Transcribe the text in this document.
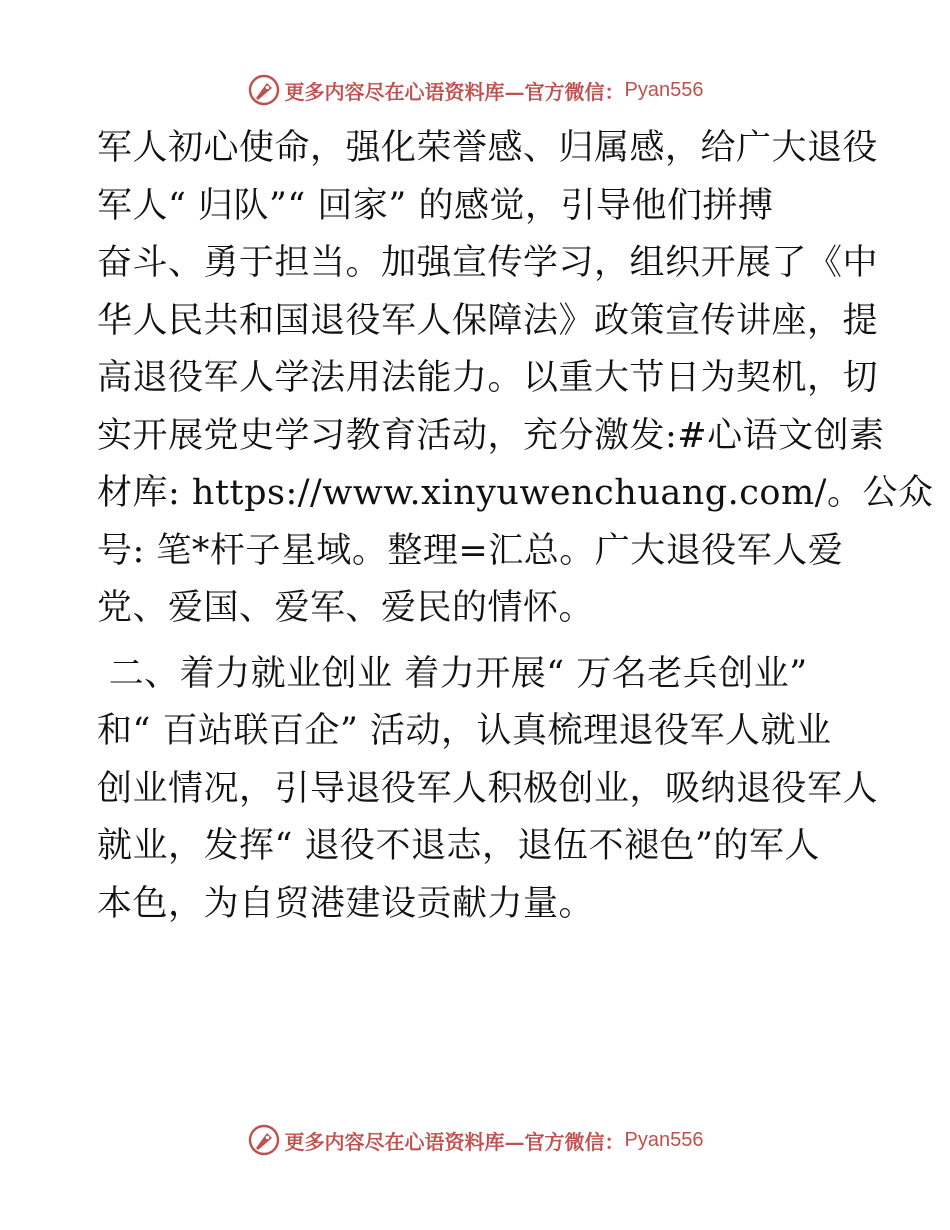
更多内容尽在心语资料库—官方微信： Pyan556
军人初心使命，强化荣誉感、归属感，给广大退役
军人“ 归队”“ 回家” 的感觉，引导他们拼搏
奋斗、勇于担当。加强宣传学习，组织开展了《中
华人民共和国退役军人保障法》政策宣传讲座，提
高退役军人学法用法能力。以重大节日为契机，切
实开展党史学习教育活动，充分激发:#心语文创素
材库: https://www.xinyuwenchuang.com/。公众
号: 笔*杆子星域。整理=汇总。广大退役军人爱
党、爱国、爱军、爱民的情怀。
二、着力就业创业 着力开展“ 万名老兵创业”
和“ 百站联百企” 活动，认真梳理退役军人就业
创业情况，引导退役军人积极创业，吸纳退役军人
就业，发挥“ 退役不退志，退伍不褪色”的军人
本色，为自贸港建设贡献力量。
更多内容尽在心语资料库—官方微信： Pyan556
